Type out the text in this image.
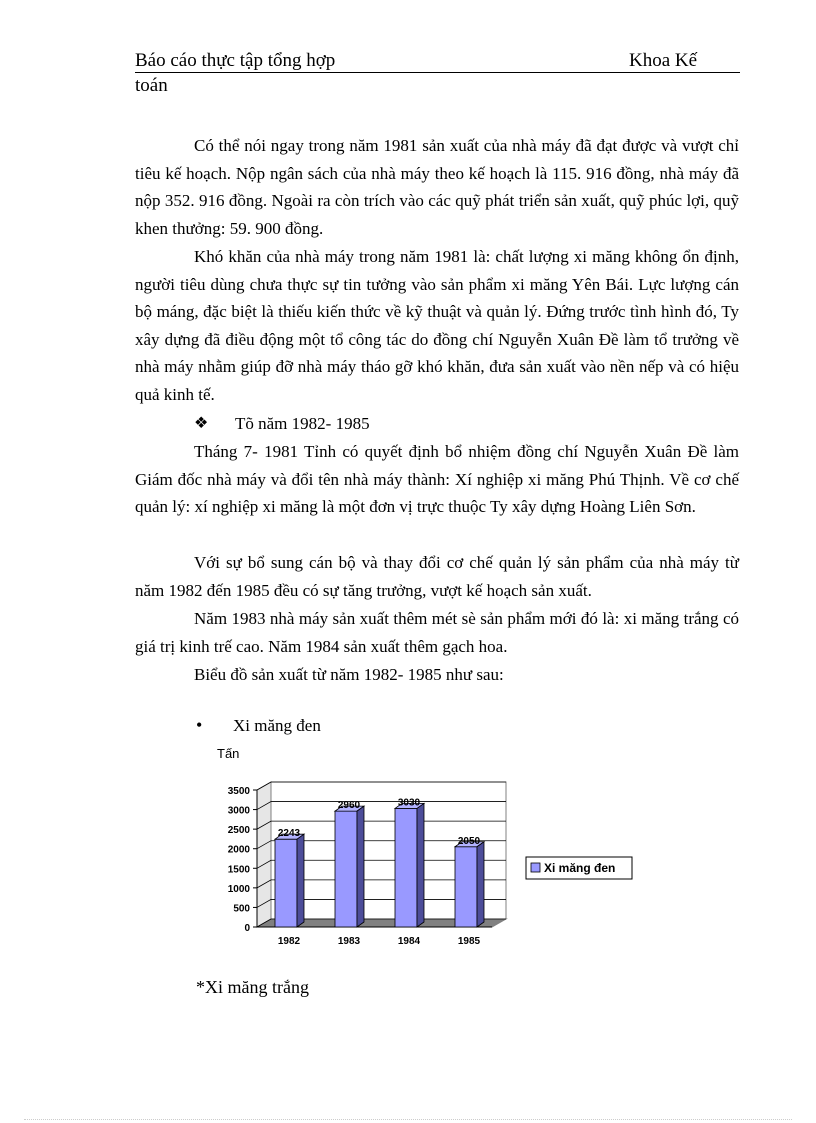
Báo cáo thực tập tổng hợp	Khoa Kế
toán

Có thể nói ngay trong năm 1981 sản xuất của nhà máy đã đạt được và vượt chỉ tiêu kế hoạch. Nộp ngân sách của nhà máy theo kế hoạch là 115. 916 đồng, nhà máy đã nộp 352. 916 đồng. Ngoài ra còn trích vào các quỹ phát triển sản xuất, quỹ phúc lợi, quỹ khen thưởng: 59. 900 đồng.

Khó khăn của nhà máy trong năm 1981 là: chất lượng xi măng không ổn định, người tiêu dùng chưa thực sự tin tưởng vào sản phẩm xi măng Yên Bái. Lực lượng cán bộ máng, đặc biệt là thiếu kiến thức về kỹ thuật và quản lý. Đứng trước tình hình đó, Ty xây dựng đã điều động một tổ công tác do đồng chí Nguyễn Xuân Đề làm tổ trưởng về nhà máy nhằm giúp đỡ nhà máy tháo gỡ khó khăn, đưa sản xuất vào nền nếp và có hiệu quả kinh tế.

❖ Tõ năm 1982- 1985

Tháng 7- 1981 Tỉnh có quyết định bổ nhiệm đồng chí Nguyễn Xuân Đề làm Giám đốc nhà máy và đổi tên nhà máy thành: Xí nghiệp xi măng Phú Thịnh. Về cơ chế quản lý: xí nghiệp xi măng là một đơn vị trực thuộc Ty xây dựng Hoàng Liên Sơn.

Với sự bổ sung cán bộ và thay đổi cơ chế quản lý sản phẩm của nhà máy từ năm 1982 đến 1985 đều có sự tăng trưởng, vượt kế hoạch sản xuất.

Năm 1983 nhà máy sản xuất thêm mét sè sản phẩm mới đó là: xi măng trắng có giá trị kinh trế cao. Năm 1984 sản xuất thêm gạch hoa.

Biểu đồ sản xuất từ năm 1982- 1985 như sau:

• Xi măng đen
Tấn
0
500
1000
1500
2000
2500
3000
3500
2243
1982
2960
1983
3030
1984
2050
1985
Xi măng đen
*Xi măng trắng
